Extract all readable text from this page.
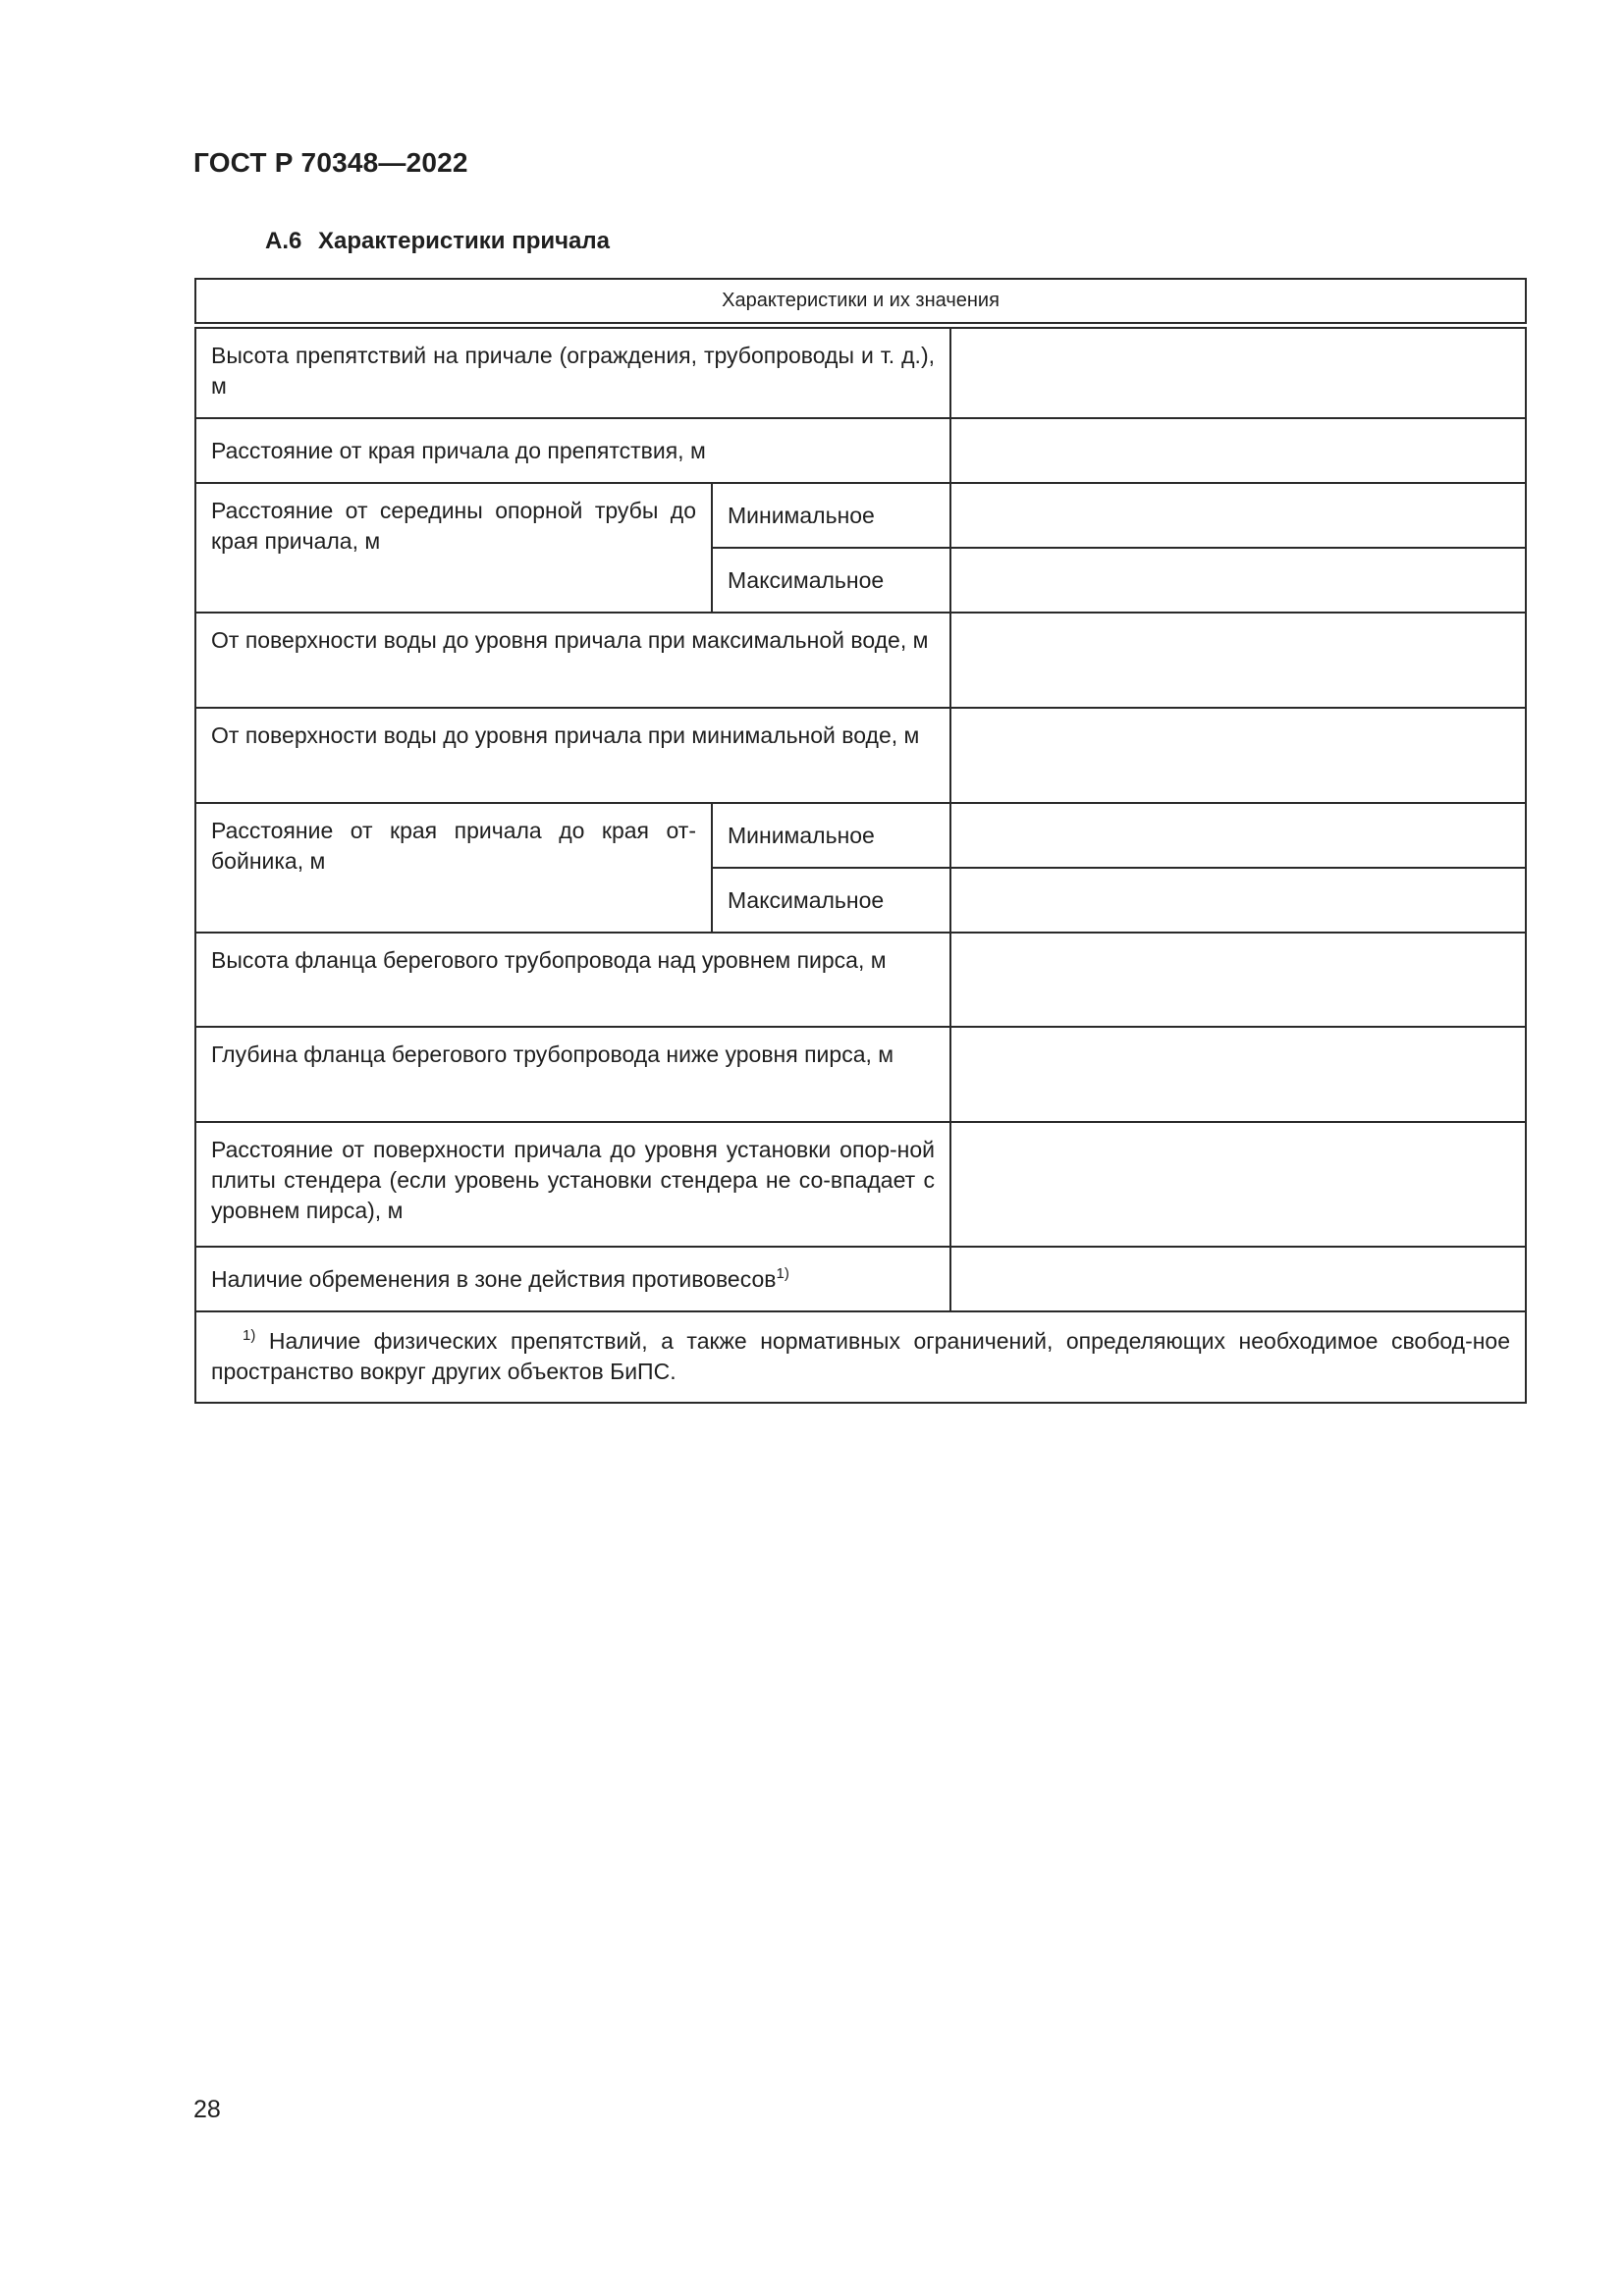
ГОСТ Р 70348—2022
А.6 Характеристики причала
Характеристики и их значения		
Высота препятствий на причале (ограждения, трубопроводы и т. д.), м		
Расстояние от края причала до препятствия, м		
Расстояние от середины опорной трубы до края причала, м	Минимальное	
	Максимальное	
От поверхности воды до уровня причала при максимальной воде, м		
От поверхности воды до уровня причала при минимальной воде, м		
Расстояние от края причала до края от-бойника, м	Минимальное	
	Максимальное	
Высота фланца берегового трубопровода над уровнем пирса, м		
Глубина фланца берегового трубопровода ниже уровня пирса, м		
Расстояние от поверхности причала до уровня установки опор-ной плиты стендера (если уровень установки стендера не со-впадает с уровнем пирса), м		
Наличие обременения в зоне действия противовесов$^{1)}$	
$^{1)}$ Наличие физических препятствий, а также нормативных ограничений, определяющих необходимое свобод-ное пространство вокруг других объектов БиПС.		
28
